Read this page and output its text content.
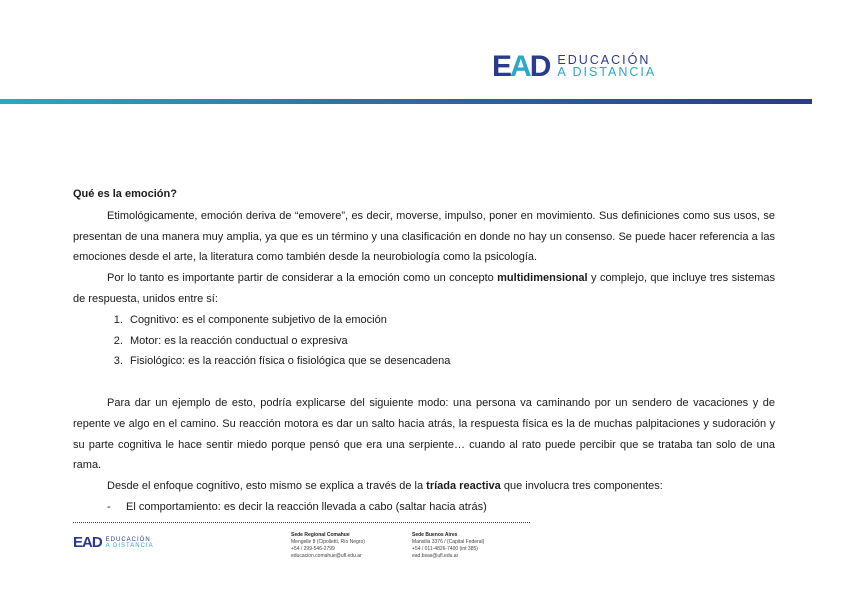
E A D EDUCACIÓN
A DISTANCIA

Qué es la emoción?

Etimológicamente, emoción deriva de “emovere”, es decir, moverse, impulso, poner en movimiento. Sus definiciones como sus usos, se presentan de una manera muy amplia, ya que es un término y una clasificación en donde no hay un consenso. Se puede hacer referencia a las emociones desde el arte, la literatura como también desde la neurobiología como la psicología.

Por lo tanto es importante partir de considerar a la emoción como un concepto multidimensional y complejo, que incluye tres sistemas de respuesta, unidos entre sí:

1. Cognitivo: es el componente subjetivo de la emoción
2. Motor: es la reacción conductual o expresiva
3. Fisiológico: es la reacción física o fisiológica que se desencadena

Para dar un ejemplo de esto, podría explicarse del siguiente modo: una persona va caminando por un sendero de vacaciones y de repente ve algo en el camino. Su reacción motora es dar un salto hacia atrás, la respuesta física es la de muchas palpitaciones y sudoración y su parte cognitiva le hace sentir miedo porque pensó que era una serpiente… cuando al rato puede percibir que se trataba tan solo de una rama.

Desde el enfoque cognitivo, esto mismo se explica a través de la tríada reactiva que involucra tres componentes:

- El comportamiento: es decir la reacción llevada a cabo (saltar hacia atrás)

EAD EDUCACIÓN
A DISTANCIA
Sede Regional Comahue
Mengelle 8 (Cipolletti, Río Negro)
+54 / 299-546-2799
educacion.comahue@ufl.edu.ar
Sede Buenos Aires
Mansilla 3376 / (Capital Federal)
+54 / 011-4826-7400 (int 385)
ead.bsas@ufl.edu.ar
